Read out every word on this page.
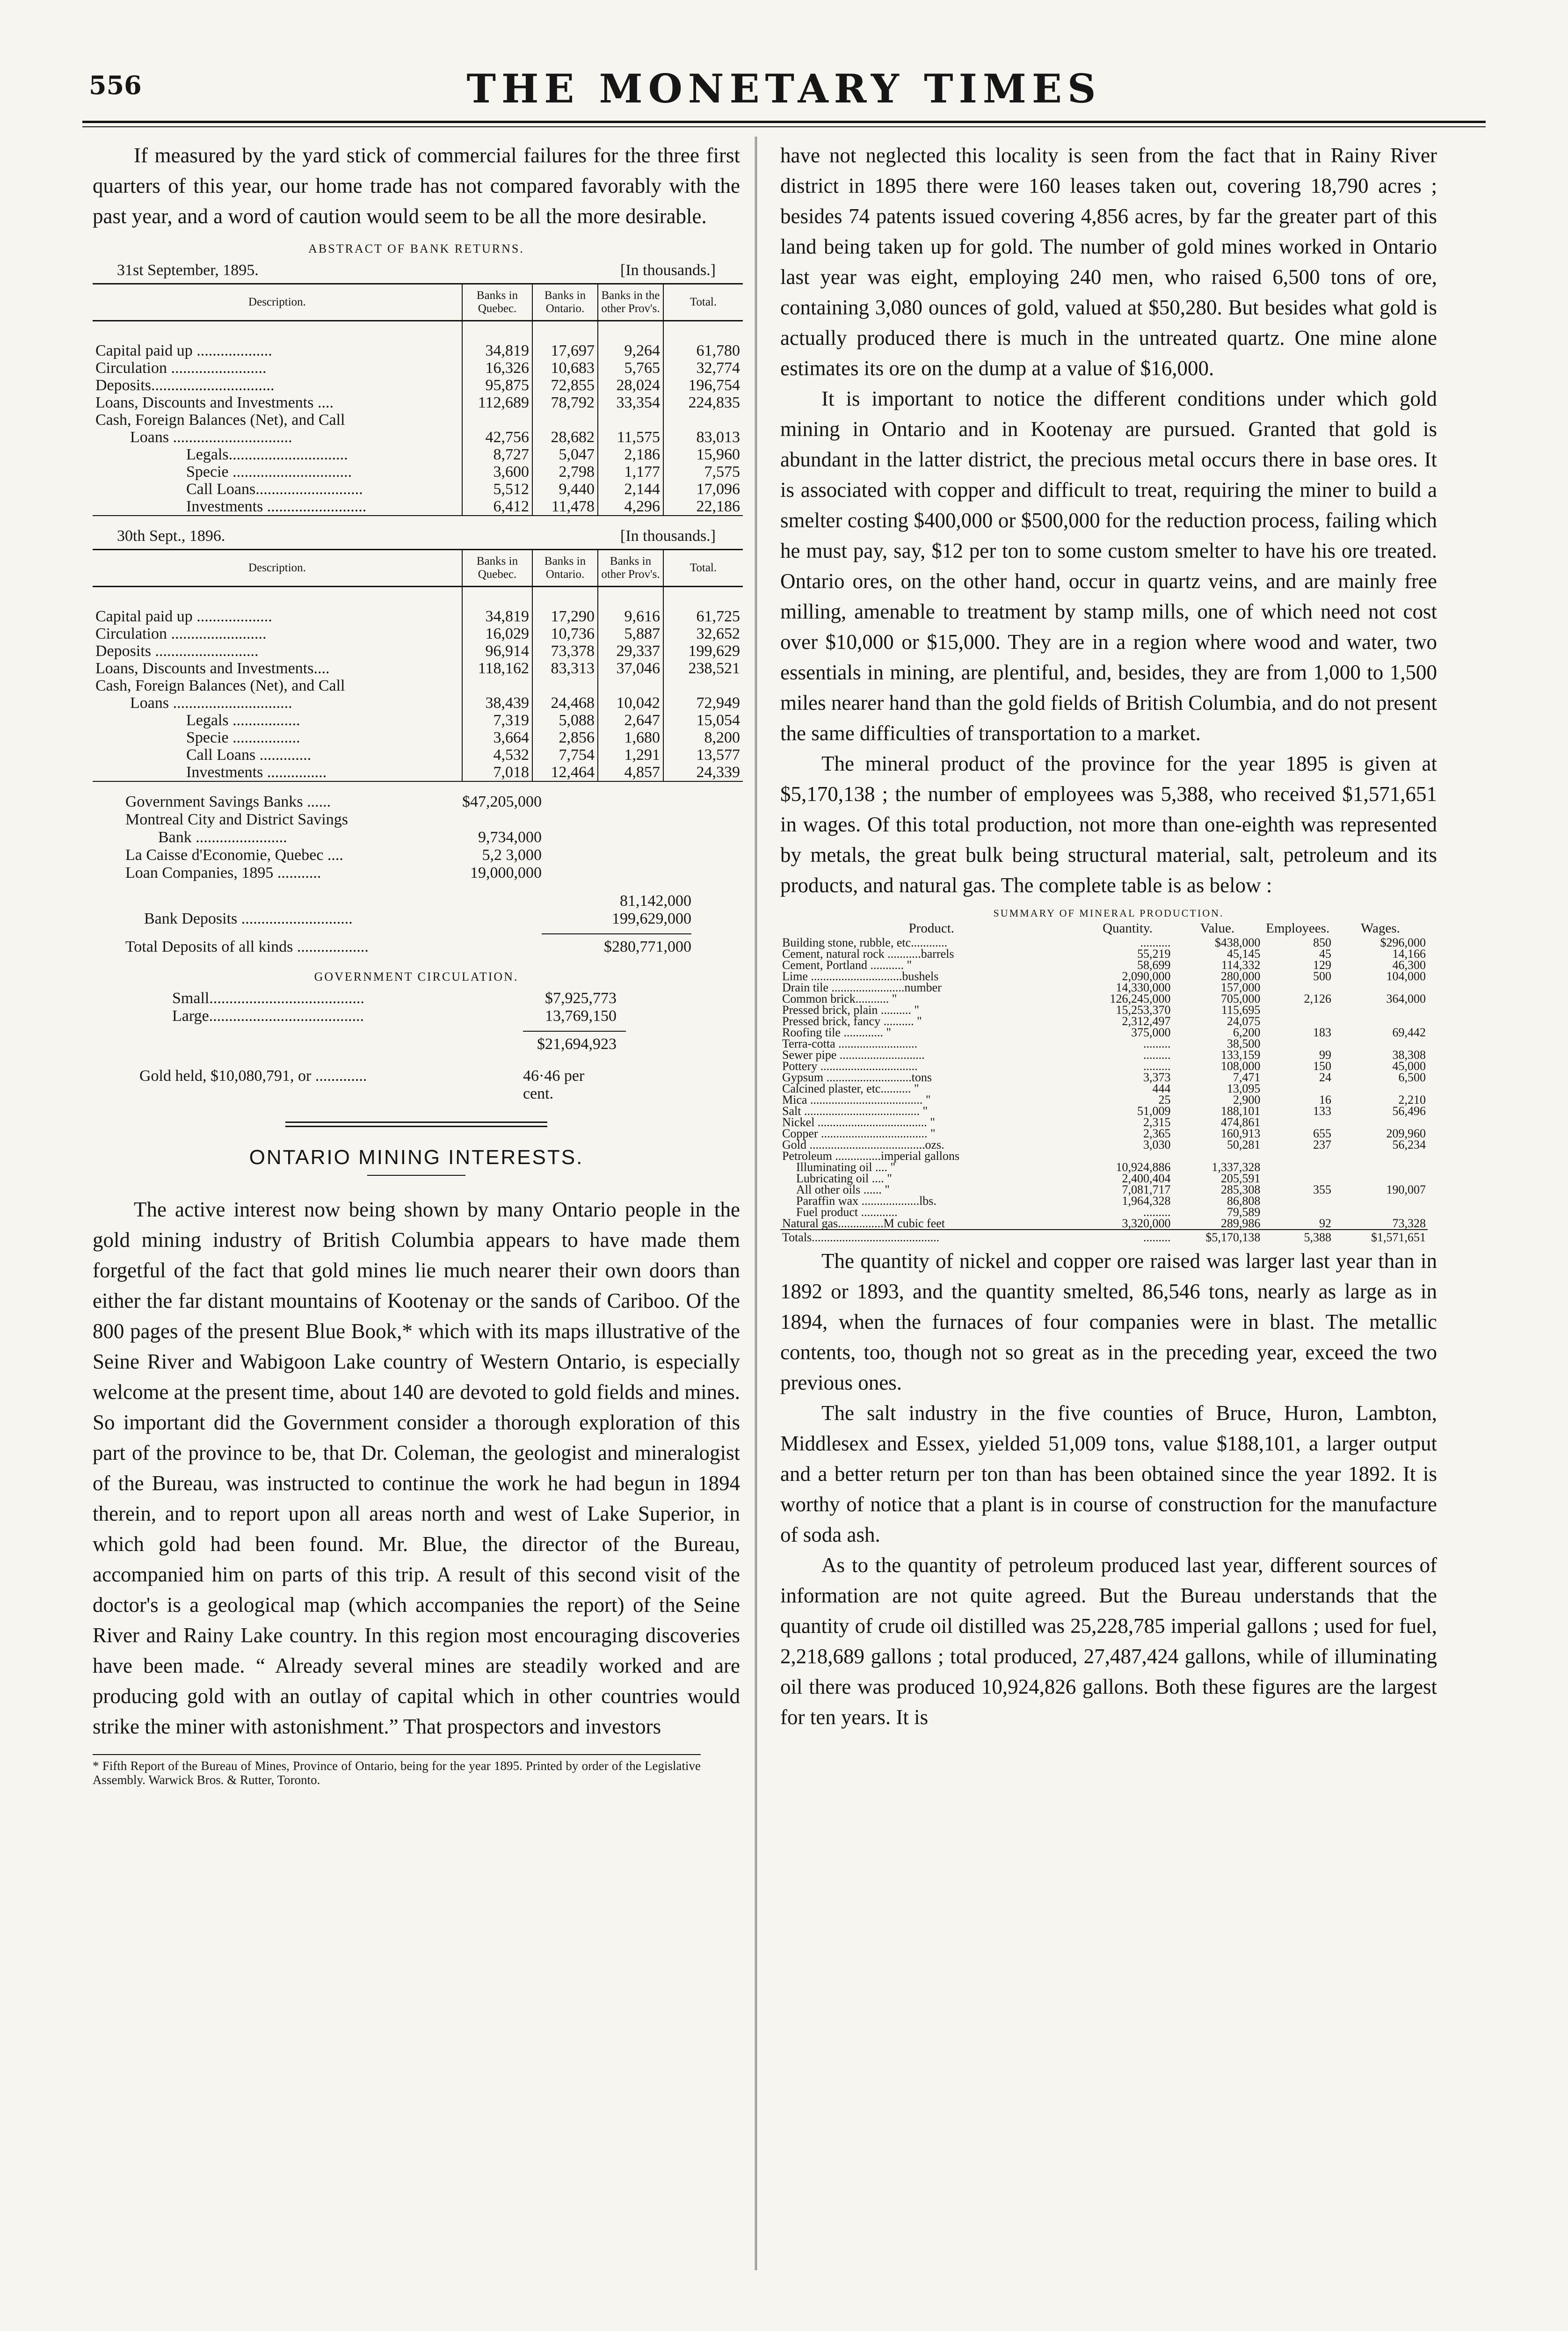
556	THE MONETARY TIMES

If measured by the yard stick of commercial failures for the three first quarters of this year, our home trade has not compared favorably with the past year, and a word of caution would seem to be all the more desirable.

ABSTRACT OF BANK RETURNS.
31st September, 1895.	[In thousands.]
Description.	Banks in Quebec.	Banks in Ontario.	Banks in the other Prov's.	Total.
Capital paid up ...................	34,819	17,697	9,264	61,780
Circulation ........................	16,326	10,683	5,765	32,774
Deposits...............................	95,875	72,855	28,024	196,754
Loans, Discounts and Investments ....	112,689	78,792	33,354	224,835
Cash, Foreign Balances (Net), and Call				
Loans ..............................	42,756	28,682	11,575	83,013
Legals..............................	8,727	5,047	2,186	15,960
Specie ..............................	3,600	2,798	1,177	7,575
Call Loans...........................	5,512	9,440	2,144	17,096
Investments .........................	6,412	11,478	4,296	22,186
30th Sept., 1896.	[In thousands.]
Description.	Banks in Quebec.	Banks in Ontario.	Banks in other Prov's.	Total.
Capital paid up ...................	34,819	17,290	9,616	61,725
Circulation ........................	16,029	10,736	5,887	32,652
Deposits ..........................	96,914	73,378	29,337	199,629
Loans, Discounts and Investments....	118,162	83,313	37,046	238,521
Cash, Foreign Balances (Net), and Call				
Loans ..............................	38,439	24,468	10,042	72,949
Legals .................	7,319	5,088	2,647	15,054
Specie .................	3,664	2,856	1,680	8,200
Call Loans .............	4,532	7,754	1,291	13,577
Investments ...............	7,018	12,464	4,857	24,339
Government Savings Banks ......	$47,205,000
Montreal City and District Savings
Bank .......................	9,734,000
La Caisse d'Economie, Quebec ....	5,2 3,000
Loan Companies, 1895 ...........	19,000,000
81,142,000
Bank Deposits ............................	199,629,000
Total Deposits of all kinds ..................	$280,771,000
GOVERNMENT CIRCULATION.
Small.......................................	$7,925,773
Large.......................................	13,769,150
$21,694,923
Gold held, $10,080,791, or .............	46·46 per cent.
ONTARIO MINING INTERESTS.

The active interest now being shown by many Ontario people in the gold mining industry of British Columbia appears to have made them forgetful of the fact that gold mines lie much nearer their own doors than either the far distant mountains of Kootenay or the sands of Cariboo. Of the 800 pages of the present Blue Book,* which with its maps illustrative of the Seine River and Wabigoon Lake country of Western Ontario, is especially welcome at the present time, about 140 are devoted to gold fields and mines. So important did the Government consider a thorough exploration of this part of the province to be, that Dr. Coleman, the geologist and mineralogist of the Bureau, was instructed to continue the work he had begun in 1894 therein, and to report upon all areas north and west of Lake Superior, in which gold had been found. Mr. Blue, the director of the Bureau, accompanied him on parts of this trip. A result of this second visit of the doctor's is a geological map (which accompanies the report) of the Seine River and Rainy Lake country. In this region most encouraging discoveries have been made. “ Already several mines are steadily worked and are producing gold with an outlay of capital which in other countries would strike the miner with astonishment.” That prospectors and investors

* Fifth Report of the Bureau of Mines, Province of Ontario, being for the year 1895. Printed by order of the Legislative Assembly. Warwick Bros. & Rutter, Toronto.

have not neglected this locality is seen from the fact that in Rainy River district in 1895 there were 160 leases taken out, covering 18,790 acres ; besides 74 patents issued covering 4,856 acres, by far the greater part of this land being taken up for gold. The number of gold mines worked in Ontario last year was eight, employing 240 men, who raised 6,500 tons of ore, containing 3,080 ounces of gold, valued at $50,280. But besides what gold is actually produced there is much in the untreated quartz. One mine alone estimates its ore on the dump at a value of $16,000.

It is important to notice the different conditions under which gold mining in Ontario and in Kootenay are pursued. Granted that gold is abundant in the latter district, the precious metal occurs there in base ores. It is associated with copper and difficult to treat, requiring the miner to build a smelter costing $400,000 or $500,000 for the reduction process, failing which he must pay, say, $12 per ton to some custom smelter to have his ore treated. Ontario ores, on the other hand, occur in quartz veins, and are mainly free milling, amenable to treatment by stamp mills, one of which need not cost over $10,000 or $15,000. They are in a region where wood and water, two essentials in mining, are plentiful, and, besides, they are from 1,000 to 1,500 miles nearer hand than the gold fields of British Columbia, and do not present the same difficulties of transportation to a market.

The mineral product of the province for the year 1895 is given at $5,170,138 ; the number of employees was 5,388, who received $1,571,651 in wages. Of this total production, not more than one-eighth was represented by metals, the great bulk being structural material, salt, petroleum and its products, and natural gas. The complete table is as below :

SUMMARY OF MINERAL PRODUCTION.
Product.	Quantity.	Value.	Employees.	Wages.
Building stone, rubble, etc............	..........	$438,000	850	$296,000
Cement, natural rock ...........barrels	55,219	45,145	45	14,166
Cement, Portland ........... "	58,699	114,332	129	46,300
Lime ..............................bushels	2,090,000	280,000	500	104,000
Drain tile ........................number	14,330,000	157,000		
Common brick........... "	126,245,000	705,000	2,126	364,000
Pressed brick, plain .......... "	15,253,370	115,695		
Pressed brick, fancy .......... "	2,312,497	24,075		
Roofing tile ............. "	375,000	6,200	183	69,442
Terra-cotta ..........................	.........	38,500		
Sewer pipe ............................	.........	133,159	99	38,308
Pottery ................................	.........	108,000	150	45,000
Gypsum ............................tons	3,373	7,471	24	6,500
Calcined plaster, etc.......... "	444	13,095		
Mica ..................................... "	25	2,900	16	2,210
Salt ...................................... "	51,009	188,101	133	56,496
Nickel .................................... "	2,315	474,861		
Copper ................................... "	2,365	160,913	655	209,960
Gold ......................................ozs.	3,030	50,281	237	56,234
Petroleum ...............imperial gallons				
Illuminating oil .... "	10,924,886	1,337,328		
Lubricating oil .... "	2,400,404	205,591		
All other oils ...... "	7,081,717	285,308	355	190,007
Paraffin wax ...................lbs.	1,964,328	86,808		
Fuel product ............	.........	79,589		
Natural gas...............M cubic feet	3,320,000	289,986	92	73,328
Totals..........................................	.........	$5,170,138	5,388	$1,571,651

The quantity of nickel and copper ore raised was larger last year than in 1892 or 1893, and the quantity smelted, 86,546 tons, nearly as large as in 1894, when the furnaces of four companies were in blast. The metallic contents, too, though not so great as in the preceding year, exceed the two previous ones.

The salt industry in the five counties of Bruce, Huron, Lambton, Middlesex and Essex, yielded 51,009 tons, value $188,101, a larger output and a better return per ton than has been obtained since the year 1892. It is worthy of notice that a plant is in course of construction for the manufacture of soda ash.

As to the quantity of petroleum produced last year, different sources of information are not quite agreed. But the Bureau understands that the quantity of crude oil distilled was 25,228,785 imperial gallons ; used for fuel, 2,218,689 gallons ; total produced, 27,487,424 gallons, while of illuminating oil there was produced 10,924,826 gallons. Both these figures are the largest for ten years. It is
